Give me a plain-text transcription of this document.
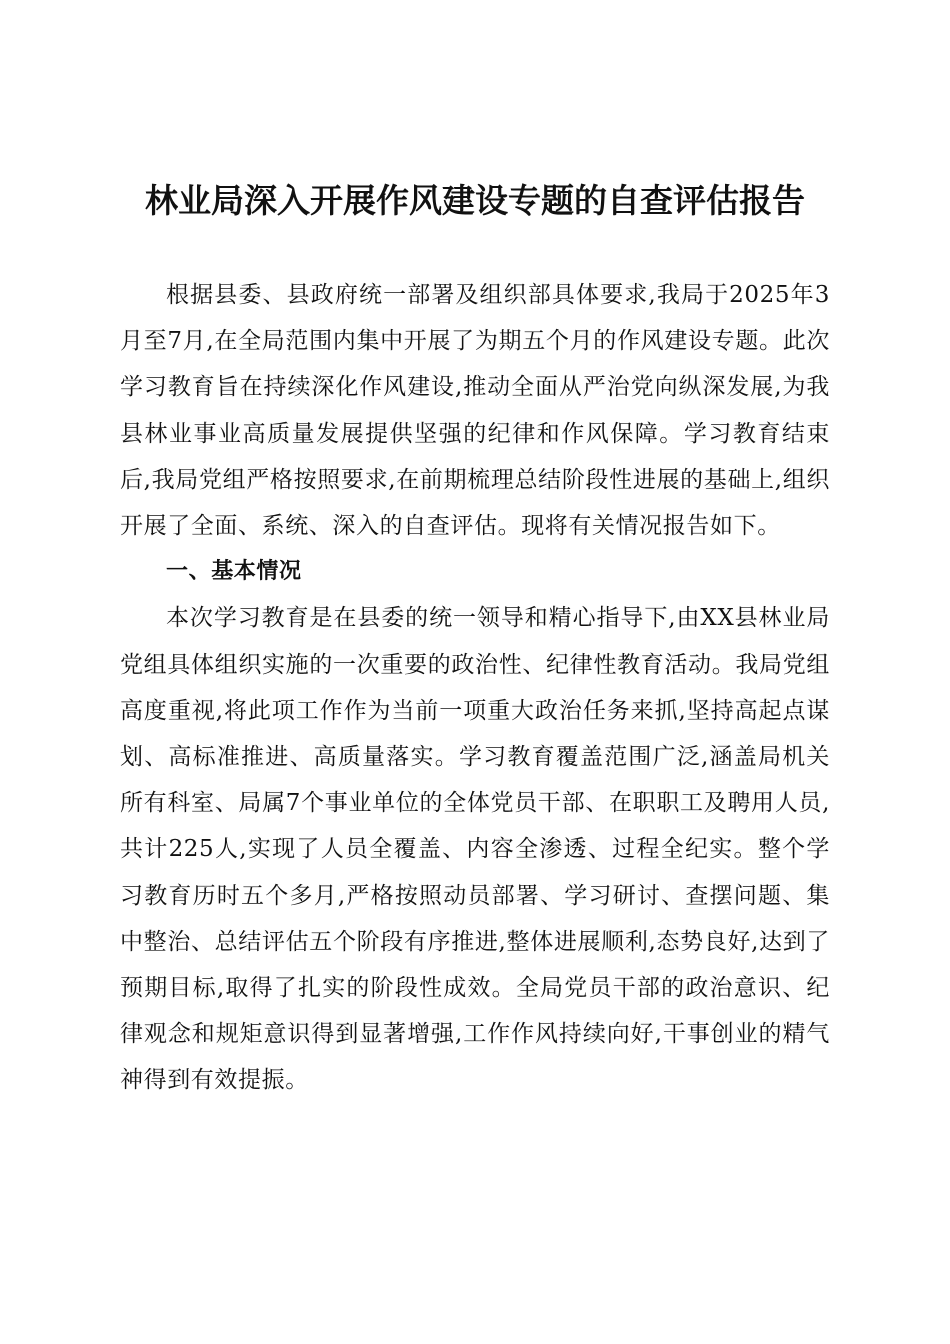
林业局深入开展作风建设专题的自查评估报告

根据县委、县政府统一部署及组织部具体要求,我局于2025年3月至7月,在全局范围内集中开展了为期五个月的作风建设专题。此次学习教育旨在持续深化作风建设,推动全面从严治党向纵深发展,为我县林业事业高质量发展提供坚强的纪律和作风保障。学习教育结束后,我局党组严格按照要求,在前期梳理总结阶段性进展的基础上,组织开展了全面、系统、深入的自查评估。现将有关情况报告如下。

一、基本情况

本次学习教育是在县委的统一领导和精心指导下,由XX县林业局党组具体组织实施的一次重要的政治性、纪律性教育活动。我局党组高度重视,将此项工作作为当前一项重大政治任务来抓,坚持高起点谋划、高标准推进、高质量落实。学习教育覆盖范围广泛,涵盖局机关所有科室、局属7个事业单位的全体党员干部、在职职工及聘用人员,共计225人,实现了人员全覆盖、内容全渗透、过程全纪实。整个学习教育历时五个多月,严格按照动员部署、学习研讨、查摆问题、集中整治、总结评估五个阶段有序推进,整体进展顺利,态势良好,达到了预期目标,取得了扎实的阶段性成效。全局党员干部的政治意识、纪律观念和规矩意识得到显著增强,工作作风持续向好,干事创业的精气神得到有效提振。
